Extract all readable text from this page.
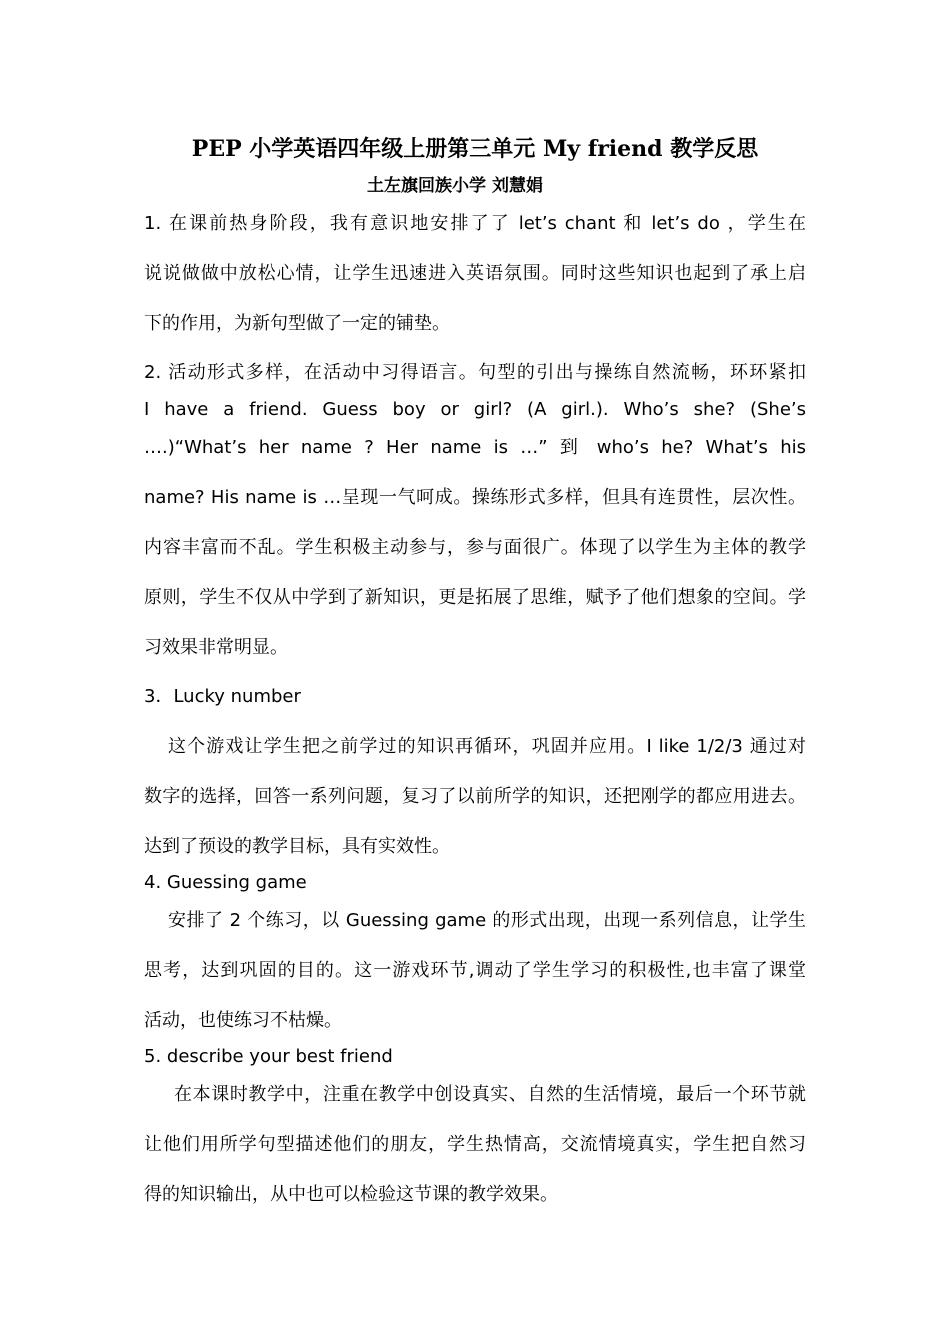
PEP 小学英语四年级上册第三单元 My friend 教学反思
土左旗回族小学 刘慧娟
1. 在课前热身阶段，我有意识地安排了了 let’s chant 和 let’s do ，学生在
说说做做中放松心情，让学生迅速进入英语氛围。同时这些知识也起到了承上启
下的作用，为新句型做了一定的铺垫。
2. 活动形式多样，在活动中习得语言。句型的引出与操练自然流畅，环环紧扣
I have a friend. Guess boy or girl? (A girl.). Who’s she? (She’s
….)“What’s her name ? Her name is …” 到 who’s he? What’s his
name? His name is …呈现一气呵成。操练形式多样，但具有连贯性，层次性。
内容丰富而不乱。学生积极主动参与，参与面很广。体现了以学生为主体的教学
原则，学生不仅从中学到了新知识，更是拓展了思维，赋予了他们想象的空间。学
习效果非常明显。
3．Lucky number
这个游戏让学生把之前学过的知识再循环，巩固并应用。I like 1/2/3 通过对
数字的选择，回答一系列问题，复习了以前所学的知识，还把刚学的都应用进去。
达到了预设的教学目标，具有实效性。
4. Guessing game
安排了 2 个练习，以 Guessing game 的形式出现，出现一系列信息，让学生
思考，达到巩固的目的。这一游戏环节,调动了学生学习的积极性,也丰富了课堂
活动，也使练习不枯燥。
5. describe your best friend
在本课时教学中，注重在教学中创设真实、自然的生活情境，最后一个环节就
让他们用所学句型描述他们的朋友，学生热情高，交流情境真实，学生把自然习
得的知识输出，从中也可以检验这节课的教学效果。
